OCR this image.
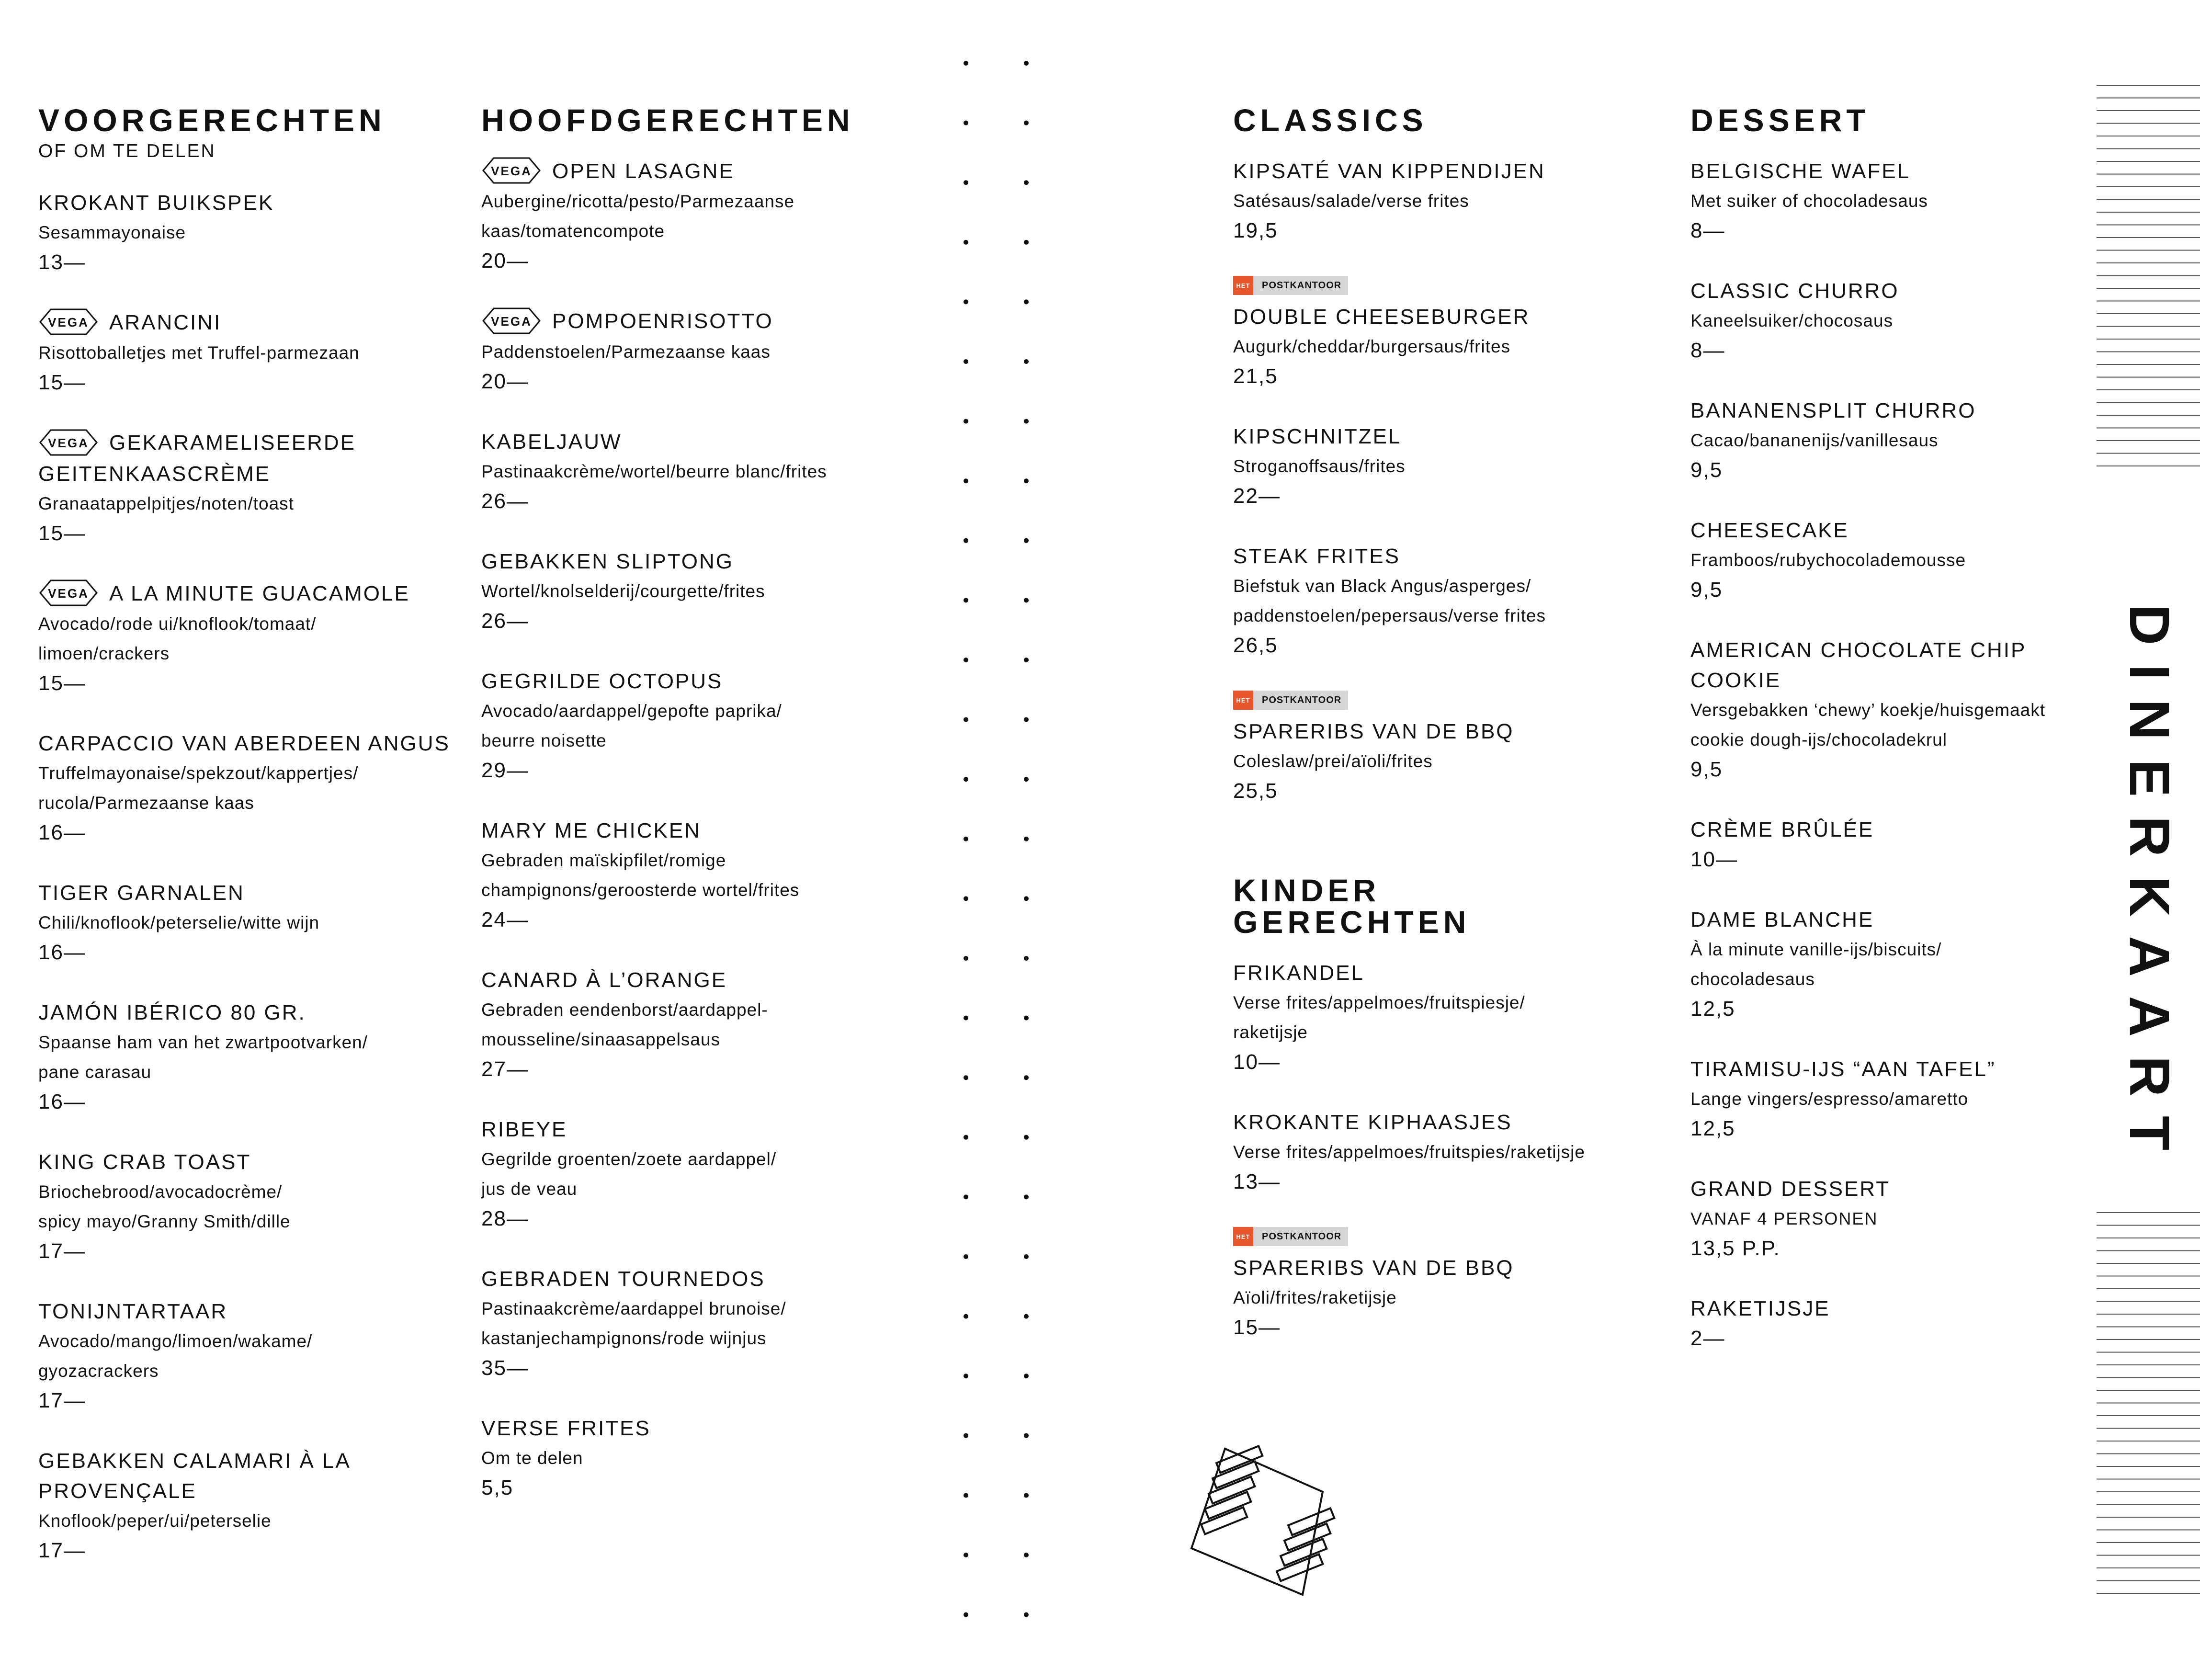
VOORGERECHTEN
OF OM TE DELEN
KROKANT BUIKSPEK
Sesammayonaise
13—
VEGA ARANCINI
Risottoballetjes met Truffel-parmezaan
15—
VEGA GEKARAMELISEERDE
GEITENKAASCRÈME
Granaatappelpitjes/noten/toast
15—
VEGA A LA MINUTE GUACAMOLE
Avocado/rode ui/knoflook/tomaat/
limoen/crackers
15—
CARPACCIO VAN ABERDEEN ANGUS
Truffelmayonaise/spekzout/kappertjes/
rucola/Parmezaanse kaas
16—
TIGER GARNALEN
Chili/knoflook/peterselie/witte wijn
16—
JAMÓN IBÉRICO 80 GR.
Spaanse ham van het zwartpootvarken/
pane carasau
16—
KING CRAB TOAST
Briochebrood/avocadocrème/
spicy mayo/Granny Smith/dille
17—
TONIJNTARTAAR
Avocado/mango/limoen/wakame/
gyozacrackers
17—
GEBAKKEN CALAMARI À LA
PROVENÇALE
Knoflook/peper/ui/peterselie
17—
HOOFDGERECHTEN
VEGA OPEN LASAGNE
Aubergine/ricotta/pesto/Parmezaanse
kaas/tomatencompote
20—
VEGA POMPOENRISOTTO
Paddenstoelen/Parmezaanse kaas
20—
KABELJAUW
Pastinaakcrème/wortel/beurre blanc/frites
26—
GEBAKKEN SLIPTONG
Wortel/knolselderij/courgette/frites
26—
GEGRILDE OCTOPUS
Avocado/aardappel/gepofte paprika/
beurre noisette
29—
MARY ME CHICKEN
Gebraden maïskipfilet/romige
champignons/geroosterde wortel/frites
24—
CANARD À L’ORANGE
Gebraden eendenborst/aardappel-
mousseline/sinaasappelsaus
27—
RIBEYE
Gegrilde groenten/zoete aardappel/
jus de veau
28—
GEBRADEN TOURNEDOS
Pastinaakcrème/aardappel brunoise/
kastanjechampignons/rode wijnjus
35—
VERSE FRITES
Om te delen
5,5
CLASSICS
KIPSATÉ VAN KIPPENDIJEN
Satésaus/salade/verse frites
19,5
HET	POSTKANTOOR
DOUBLE CHEESEBURGER
Augurk/cheddar/burgersaus/frites
21,5
KIPSCHNITZEL
Stroganoffsaus/frites
22—
STEAK FRITES
Biefstuk van Black Angus/asperges/
paddenstoelen/pepersaus/verse frites
26,5
HET	POSTKANTOOR
SPARERIBS VAN DE BBQ
Coleslaw/prei/aïoli/frites
25,5
KINDER
GERECHTEN
FRIKANDEL
Verse frites/appelmoes/fruitspiesje/
raketijsje
10—
KROKANTE KIPHAASJES
Verse frites/appelmoes/fruitspies/raketijsje
13—
HET	POSTKANTOOR
SPARERIBS VAN DE BBQ
Aïoli/frites/raketijsje
15—
DESSERT
BELGISCHE WAFEL
Met suiker of chocoladesaus
8—
CLASSIC CHURRO
Kaneelsuiker/chocosaus
8—
BANANENSPLIT CHURRO
Cacao/bananenijs/vanillesaus
9,5
CHEESECAKE
Framboos/rubychocolademousse
9,5
AMERICAN CHOCOLATE CHIP
COOKIE
Versgebakken ‘chewy’ koekje/huisgemaakt
cookie dough-ijs/chocoladekrul
9,5
CRÈME BRÛLÉE
10—
DAME BLANCHE
À la minute vanille-ijs/biscuits/
chocoladesaus
12,5
TIRAMISU-IJS “AAN TAFEL”
Lange vingers/espresso/amaretto
12,5
GRAND DESSERT
VANAF 4 PERSONEN
13,5 P.P.
RAKETIJSJE
2—
DINERKAART
